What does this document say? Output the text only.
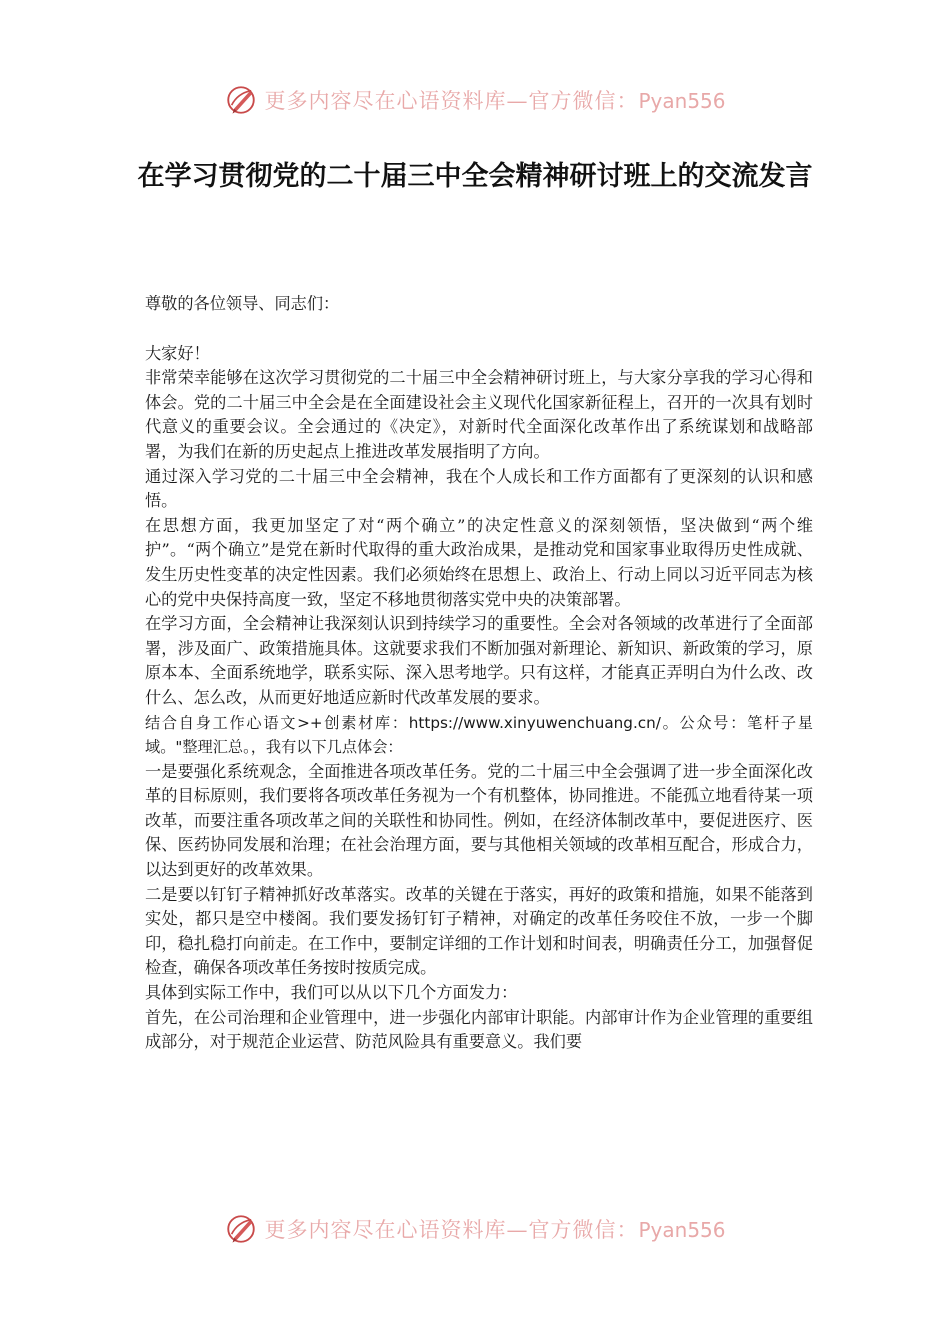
更多内容尽在心语资料库—官方微信：Pyan556
在学习贯彻党的二十届三中全会精神研讨班上的交流发言

尊敬的各位领导、同志们：

大家好！

非常荣幸能够在这次学习贯彻党的二十届三中全会精神研讨班上，与大家分享我的学习心得和体会。党的二十届三中全会是在全面建设社会主义现代化国家新征程上，召开的一次具有划时代意义的重要会议。全会通过的《决定》，对新时代全面深化改革作出了系统谋划和战略部署，为我们在新的历史起点上推进改革发展指明了方向。

通过深入学习党的二十届三中全会精神，我在个人成长和工作方面都有了更深刻的认识和感悟。

在思想方面，我更加坚定了对“两个确立”的决定性意义的深刻领悟，坚决做到“两个维护”。“两个确立”是党在新时代取得的重大政治成果，是推动党和国家事业取得历史性成就、发生历史性变革的决定性因素。我们必须始终在思想上、政治上、行动上同以习近平同志为核心的党中央保持高度一致，坚定不移地贯彻落实党中央的决策部署。

在学习方面，全会精神让我深刻认识到持续学习的重要性。全会对各领域的改革进行了全面部署，涉及面广、政策措施具体。这就要求我们不断加强对新理论、新知识、新政策的学习，原原本本、全面系统地学，联系实际、深入思考地学。只有这样，才能真正弄明白为什么改、改什么、怎么改，从而更好地适应新时代改革发展的要求。

结合自身工作心语文>+创素材库：https://www.xinyuwenchuang.cn/。公众号：笔杆子星域。"整理汇总。，我有以下几点体会：

一是要强化系统观念，全面推进各项改革任务。党的二十届三中全会强调了进一步全面深化改革的目标原则，我们要将各项改革任务视为一个有机整体，协同推进。不能孤立地看待某一项改革，而要注重各项改革之间的关联性和协同性。例如，在经济体制改革中，要促进医疗、医保、医药协同发展和治理；在社会治理方面，要与其他相关领域的改革相互配合，形成合力，以达到更好的改革效果。

二是要以钉钉子精神抓好改革落实。改革的关键在于落实，再好的政策和措施，如果不能落到实处，都只是空中楼阁。我们要发扬钉钉子精神，对确定的改革任务咬住不放，一步一个脚印，稳扎稳打向前走。在工作中，要制定详细的工作计划和时间表，明确责任分工，加强督促检查，确保各项改革任务按时按质完成。

具体到实际工作中，我们可以从以下几个方面发力：

首先，在公司治理和企业管理中，进一步强化内部审计职能。内部审计作为企业管理的重要组成部分，对于规范企业运营、防范风险具有重要意义。我们要

更多内容尽在心语资料库—官方微信：Pyan556
